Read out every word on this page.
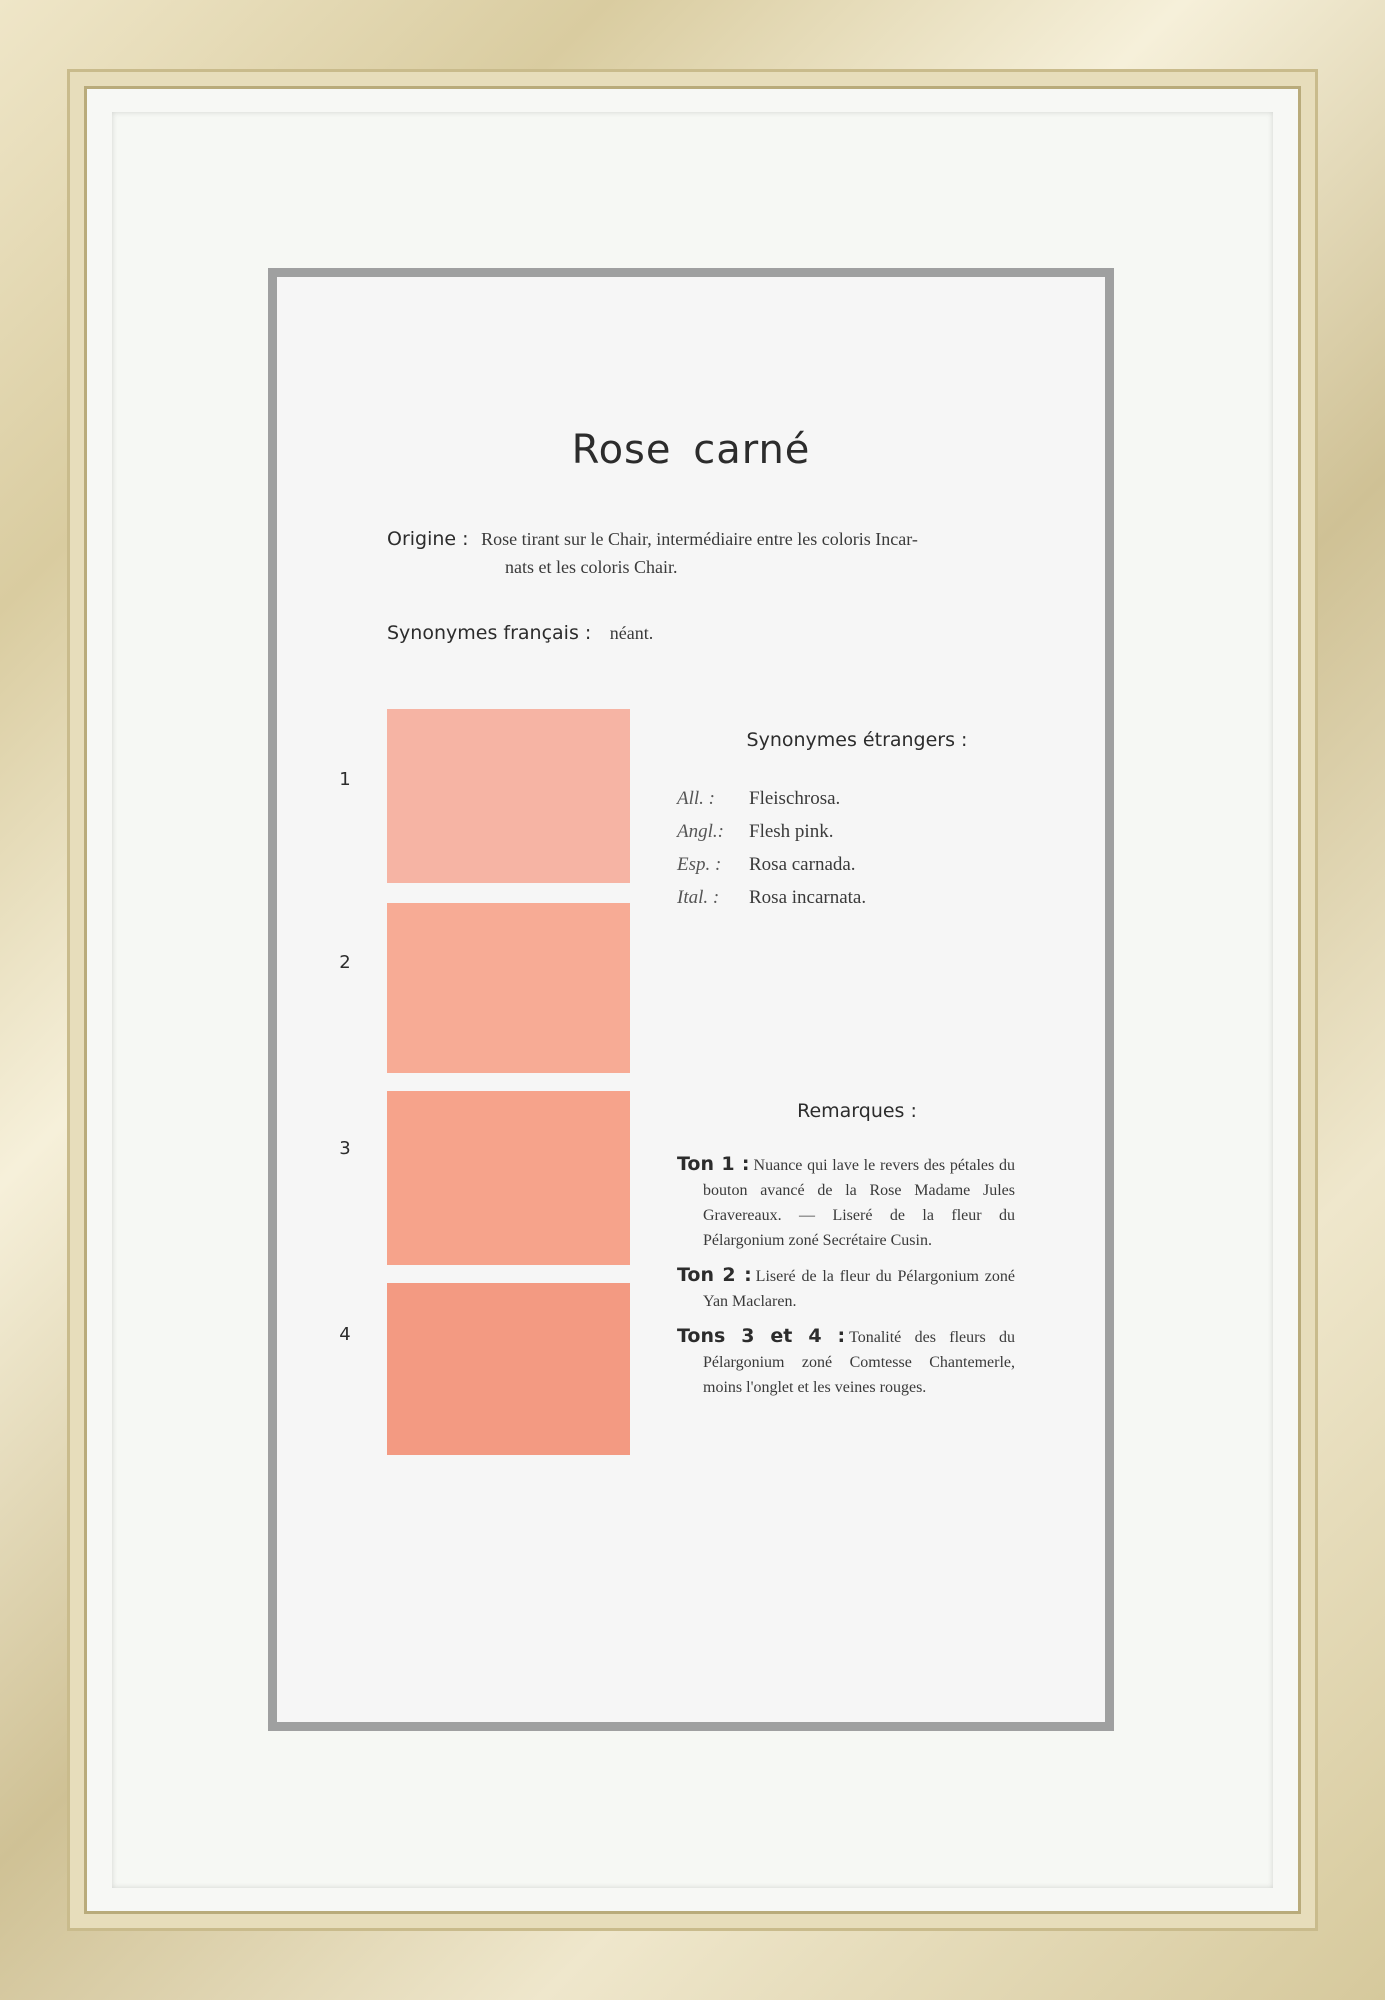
Rose carné
Origine : Rose tirant sur le Chair, intermédiaire entre les coloris Incar-
nats et les coloris Chair.
Synonymes français : néant.
1
2
3
4
Synonymes étrangers :
All. : Fleischrosa.
Angl.: Flesh pink.
Esp. : Rosa carnada.
Ital. : Rosa incarnata.
Remarques :
Ton 1 : Nuance qui lave le revers des pétales du bouton avancé de la Rose Madame Jules Gravereaux. — Liseré de la fleur du Pélargonium zoné Secrétaire Cusin.
Ton 2 : Liseré de la fleur du Pélargonium zoné Yan Maclaren.
Tons 3 et 4 : Tonalité des fleurs du Pélargonium zoné Comtesse Chantemerle, moins l'onglet et les veines rouges.
